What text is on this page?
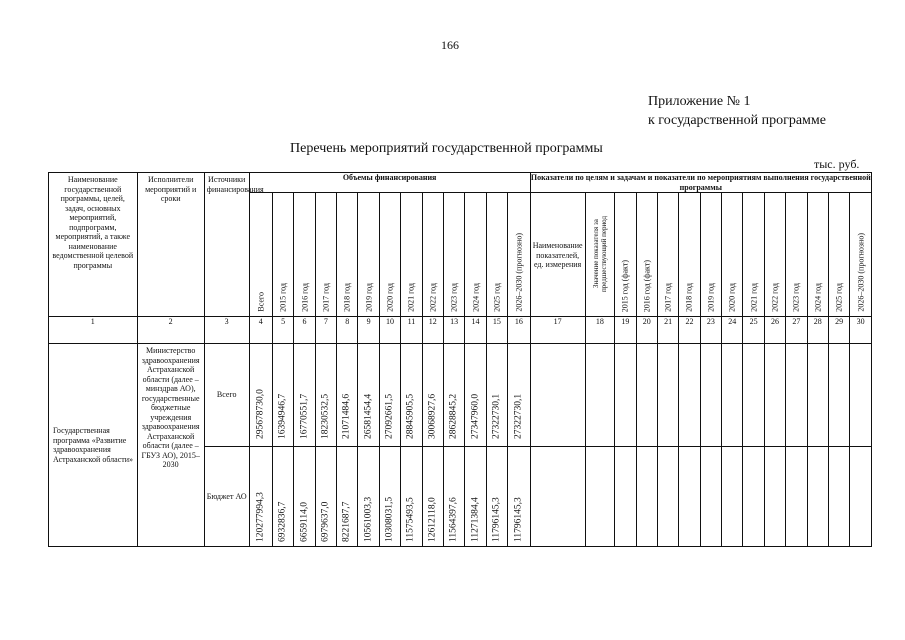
166
Приложение № 1
к государственной программе
Перечень мероприятий государственной программы
тыс. руб.
Наименование государственной программы, целей, задач, основных мероприятий, подпрограмм, мероприятий, а также наименование ведомственной целевой программы	Исполнители мероприятий и сроки	Источники финансирования	Объемы финансирования													Показатели по целям и задачам и показатели по мероприятиям выполнения государственной программы													

			Всего	2015 год	2016 год	2017 год	2018 год	2019 год	2020 год	2021 год	2022 год	2023 год	2024 год	2025 год	2026–2030 (прогнозно)	Наименование показателей, ед. измерения	Значение показателя за предшествующий период	2015 год (факт)	2016 год (факт)	2017 год	2018 год	2019 год	2020 год	2021 год	2022 год	2023 год	2024 год	2025 год	2026–2030 (прогнозно)

1	2	3	4	5	6	7	8	9	10	11	12	13	14	15	16	17	18	19	20	21	22	23	24	25	26	27	28	29	30
Государственная программа «Развитие здравоохранения Астраханской области»	Министерство здравоохранения Астраханской области (далее –минздрав АО), государственные бюджетные учреждения здравоохранения Астраханской области (далее – ГБУЗ АО), 2015–2030	Всего	295678730,0	16394946,7	16770551,7	18230532,5	21071484,6	26581454,4	27092661,5	28845905,5	30068927,6	28628845,2	27347960,0	27322730,1	27322730,1														

		Бюджет АО	120277994,3	6932836,7	6659114,0	6979637,0	8221687,7	10561003,3	10308031,5	11575493,5	12612118,0	11564397,6	11271384,4	11796145,3	11796145,3														
